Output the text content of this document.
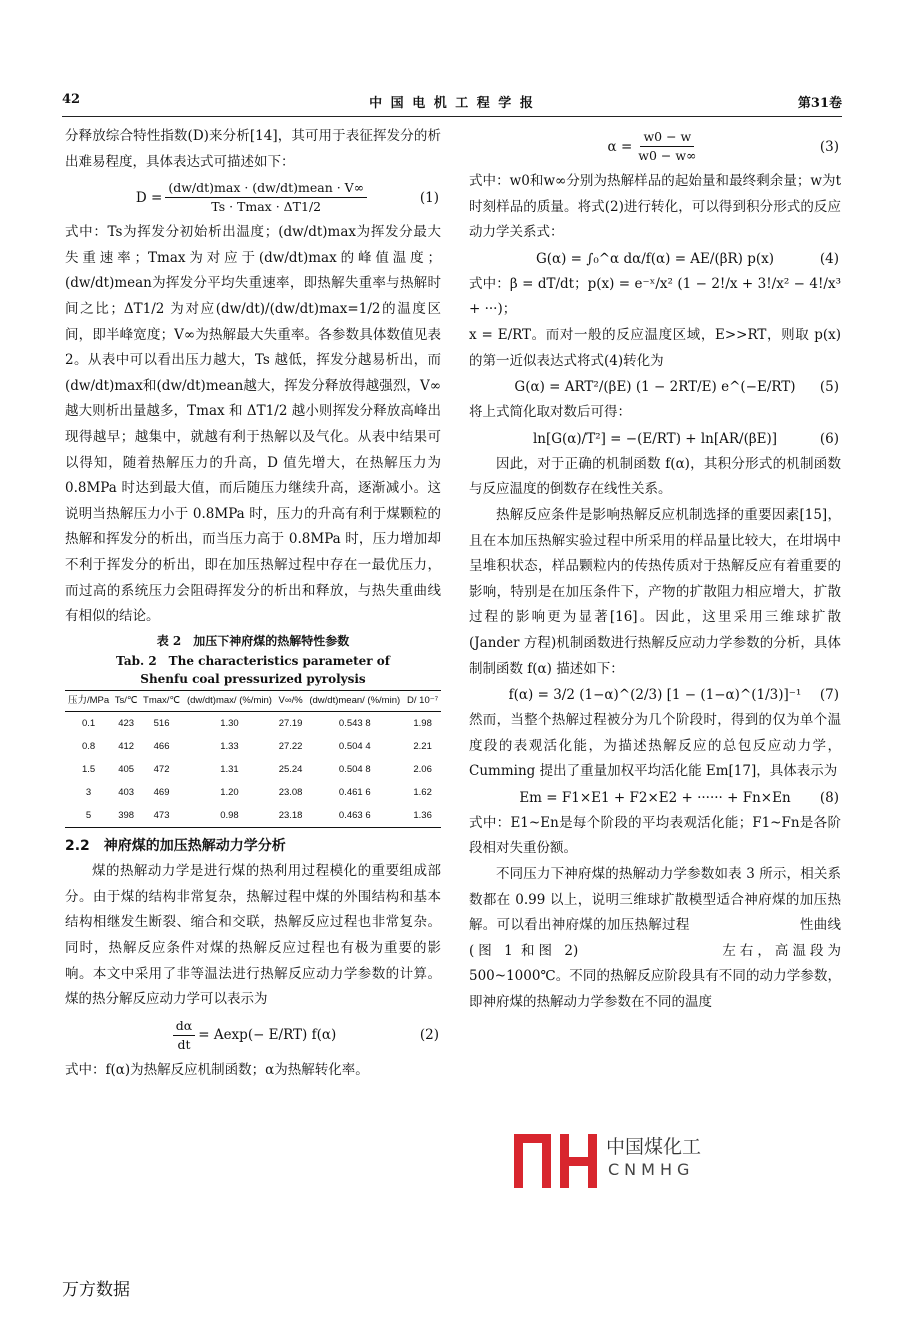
42	中 国 电 机 工 程 学 报	第31卷

分释放综合特性指数(D)来分析[14]，其可用于表征挥发分的析出难易程度，具体表达式可描述如下：

$D = \frac{\text{(dw/dt)max · (dw/dt)mean · V∞}}{Ts \cdot Tmax \cdot \Delta T1/2}$	(1)

式中：Ts为挥发分初始析出温度；(dw/dt)max为挥发分最大失重速率；Tmax为对应于(dw/dt)max的峰值温度；(dw/dt)mean为挥发分平均失重速率，即热解失重率与热解时间之比；ΔT1/2 为对应(dw/dt)/(dw/dt)max=1/2的温度区间，即半峰宽度；V∞为热解最大失重率。各参数具体数值见表 2。从表中可以看出压力越大，Ts 越低，挥发分越易析出，而(dw/dt)max和(dw/dt)mean越大，挥发分释放得越强烈，V∞越大则析出量越多，Tmax 和 ΔT1/2 越小则挥发分释放高峰出现得越早；越集中，就越有利于热解以及气化。从表中结果可以得知，随着热解压力的升高，D 值先增大，在热解压力为 0.8MPa 时达到最大值，而后随压力继续升高，逐渐减小。这说明当热解压力小于 0.8MPa 时，压力的升高有利于煤颗粒的热解和挥发分的析出，而当压力高于 0.8MPa 时，压力增加却不利于挥发分的析出，即在加压热解过程中存在一最优压力，而过高的系统压力会阻碍挥发分的析出和释放，与热失重曲线有相似的结论。

表 2　加压下神府煤的热解特性参数
Tab. 2　The characteristics parameter of Shenfu coal pressurized pyrolysis
压力/MPa	Ts/℃	Tmax/℃	(dw/dt)max/ (%/min)	V∞/%	(dw/dt)mean/ (%/min)	D/ 10⁻⁷
0.1	423	516	1.30	27.19	0.543 8	1.98
0.8	412	466	1.33	27.22	0.504 4	2.21
1.5	405	472	1.31	25.24	0.504 8	2.06
3	403	469	1.20	23.08	0.461 6	1.62
5	398	473	0.98	23.18	0.463 6	1.36
2.2　神府煤的加压热解动力学分析

煤的热解动力学是进行煤的热利用过程模化的重要组成部分。由于煤的结构非常复杂，热解过程中煤的外围结构和基本结构相继发生断裂、缩合和交联，热解反应过程也非常复杂。同时，热解反应条件对煤的热解反应过程也有极为重要的影响。本文中采用了非等温法进行热解反应动力学参数的计算。煤的热分解反应动力学可以表示为

$\frac{d\alpha}{dt} = Aexp(- E/RT)$ f(α)	(2)

式中：f(α)为热解反应机制函数；α为热解转化率。

$\alpha = \frac{w0 - w}{w0 - w\infty}$	(3)

式中：w0和w∞分别为热解样品的起始量和最终剩余量；w为t时刻样品的质量。将式(2)进行转化，可以得到积分形式的反应动力学关系式：

G(α) = ∫₀^α dα/f(α) = AE/(βR) p(x)	(4)

式中：β = dT/dt；p(x) = e⁻ˣ/x² (1 − 2!/x + 3!/x² − 4!/x³ + ···)；

x = E/RT。而对一般的反应温度区域，E>>RT，则取 p(x) 的第一近似表达式将式(4)转化为

G(α) = ART²/(βE) (1 − 2RT/E) e^(−E/RT) (5)

将上式简化取对数后可得：

ln[G(α)/T²] = −(E/RT) + ln[AR/(βE)]	(6)

因此，对于正确的机制函数 f(α)，其积分形式的机制函数与反应温度的倒数存在线性关系。

热解反应条件是影响热解反应机制选择的重要因素[15]，且在本加压热解实验过程中所采用的样品量比较大，在坩埚中呈堆积状态，样品颗粒内的传热传质对于热解反应有着重要的影响，特别是在加压条件下，产物的扩散阻力相应增大，扩散过程的影响更为显著[16]。因此，这里采用三维球扩散(Jander 方程)机制函数进行热解反应动力学参数的分析，具体制制函数 f(α) 描述如下：

f(α) = 3/2 (1−α)^(2/3) [1 − (1−α)^(1/3)]⁻¹ (7)

然而，当整个热解过程被分为几个阶段时，得到的仅为单个温度段的表观活化能，为描述热解反应的总包反应动力学，Cumming 提出了重量加权平均活化能 Em[17]，具体表示为

Em = F1×E1 + F2×E2 + ······ + Fn×En (8)

式中：E1~En是每个阶段的平均表观活化能；F1~Fn是各阶段相对失重份额。

不同压力下神府煤的热解动力学参数如表 3 所示，相关系数都在 0.99 以上，说明三维球扩散模型适合神府煤的加压热解。可以看出神府煤的加压热解过程　　　　　　　　性曲线(图 1 和图 2)　　　　　　　　左右，高温段为 500~1000℃。不同的热解反应阶段具有不同的动力学参数，即神府煤的热解动力学参数在不同的温度

中国煤化工
CNMHG
万方数据
